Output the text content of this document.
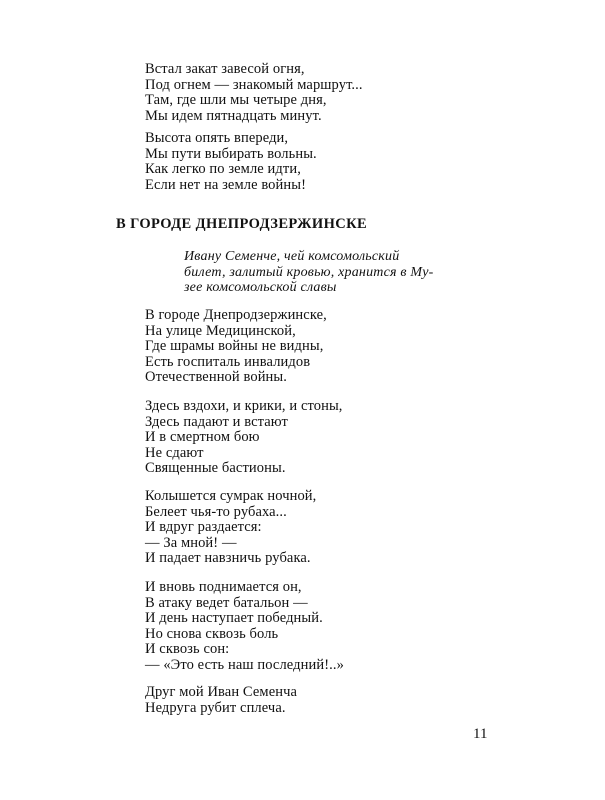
Встал закат завесой огня,
Под огнем — знакомый маршрут...
Там, где шли мы четыре дня,
Мы идем пятнадцать минут.
Высота опять впереди,
Мы пути выбирать вольны.
Как легко по земле идти,
Если нет на земле войны!
В ГОРОДЕ ДНЕПРОДЗЕРЖИНСКЕ
Ивану Семенче, чей комсомольский
билет, залитый кровью, хранится в Му-
зее комсомольской славы
В городе Днепродзержинске,
На улице Медицинской,
Где шрамы войны не видны,
Есть госпиталь инвалидов
Отечественной войны.
Здесь вздохи, и крики, и стоны,
Здесь падают и встают
И в смертном бою
Не сдают
Священные бастионы.
Колышется сумрак ночной,
Белеет чья-то рубаха...
И вдруг раздается:
— За мной! —
И падает навзничь рубака.
И вновь поднимается он,
В атаку ведет батальон —
И день наступает победный.
Но снова сквозь боль
И сквозь сон:
— «Это есть наш последний!..»
Друг мой Иван Семенча
Недруга рубит сплеча.

11
